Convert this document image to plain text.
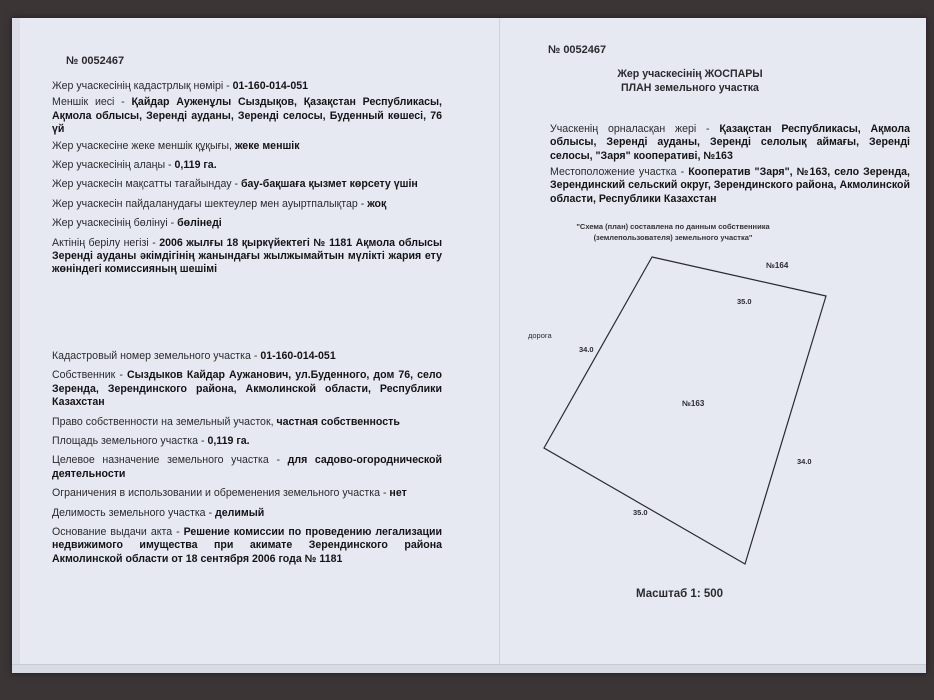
№ 0052467

Жер учаскесінің кадастрлық нөмірі - 01-160-014-051

Меншік иесі - Қайдар Ауженұлы Сыздықов, Қазақстан Республикасы, Ақмола облысы, Зеренді ауданы, Зеренді селосы, Буденный көшесі, 76 үй

Жер учаскесіне жеке меншік құқығы, жеке меншік

Жер учаскесінің алаңы - 0,119 га.

Жер учаскесін мақсатты тағайындау - бау-бақшаға қызмет көрсету үшін

Жер учаскесін пайдаланудағы шектеулер мен ауыртпалықтар - жоқ

Жер учаскесінің бөлінуі - бөлінеді

Актінің берілу негізі - 2006 жылғы 18 қыркүйектегі № 1181 Ақмола облысы Зеренді ауданы әкімдігінің жанындағы жылжымайтын мүлікті жария ету жөніндегі комиссияның шешімі

Кадастровый номер земельного участка - 01-160-014-051

Собственник - Сыздыков Кайдар Аужанович, ул.Буденного, дом 76, село Зеренда, Зерендинского района, Акмолинской области, Республики Казахстан

Право собственности на земельный участок, частная собственность

Площадь земельного участка - 0,119 га.

Целевое назначение земельного участка - для садово-огороднической деятельности

Ограничения в использовании и обременения земельного участка - нет

Делимость земельного участка - делимый

Основание выдачи акта - Решение комиссии по проведению легализации недвижимого имущества при акимате Зерендинского района Акмолинской области от 18 сентября 2006 года № 1181

№ 0052467
Жер учаскесінің ЖОСПАРЫ
ПЛАН земельного участка
Учаскенің орналасқан жері - Қазақстан Республикасы, Ақмола облысы, Зеренді ауданы, Зеренді селолық аймағы, Зеренді селосы, "Заря" кооперативі, №163
Местоположение участка - Кооператив "Заря", №163, село Зеренда, Зерендинский сельский округ, Зерендинского района, Акмолинской области, Республики Казахстан
"Схема (план) составлена по данным собственника
(землепользователя) земельного участка"
№164
дорога
№163
35.0
34.0
34.0
35.0
Масштаб 1: 500
